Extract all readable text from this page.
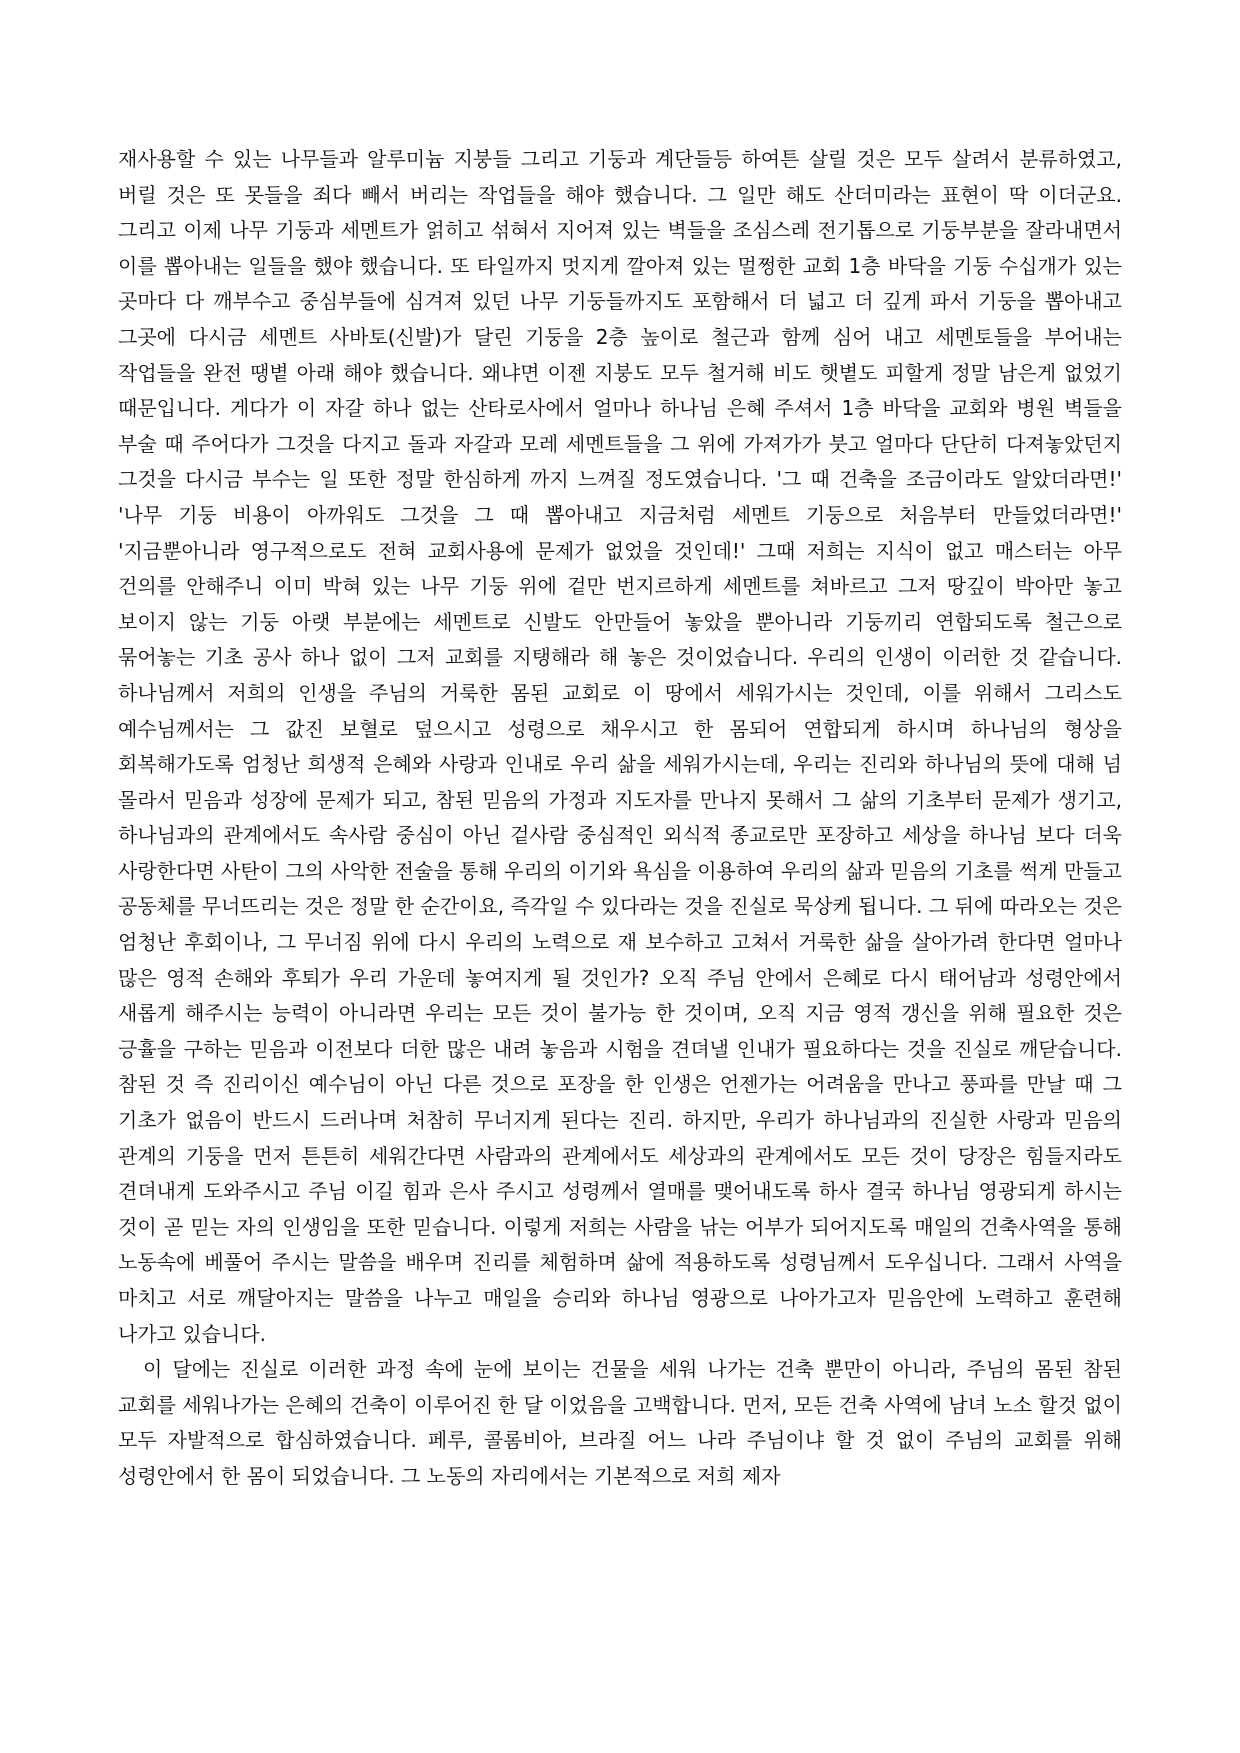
재사용할 수 있는 나무들과 알루미늄 지붕들 그리고 기둥과 계단들등 하여튼 살릴 것은 모두 살려서 분류하였고, 버릴 것은 또 못들을 죄다 빼서 버리는 작업들을 해야 했습니다. 그 일만 해도 산더미라는 표현이 딱 이더군요. 그리고 이제 나무 기둥과 세멘트가 얽히고 섞혀서 지어져 있는 벽들을 조심스레 전기톱으로 기둥부분을 잘라내면서 이를 뽑아내는 일들을 했야 했습니다. 또 타일까지 멋지게 깔아져 있는 멀쩡한 교회 1층 바닥을 기둥 수십개가 있는 곳마다 다 깨부수고 중심부들에 심겨져 있던 나무 기둥들까지도 포함해서 더 넓고 더 깊게 파서 기둥을 뽑아내고 그곳에 다시금 세멘트 사바토(신발)가 달린 기둥을 2층 높이로 철근과 함께 심어 내고 세멘토들을 부어내는 작업들을 완전 땡볕 아래 해야 했습니다. 왜냐면 이젠 지붕도 모두 철거해 비도 햇볕도 피할게 정말 남은게 없었기 때문입니다. 게다가 이 자갈 하나 없는 산타로사에서 얼마나 하나님 은혜 주셔서 1층 바닥을 교회와 병원 벽들을 부술 때 주어다가 그것을 다지고 돌과 자갈과 모레 세멘트들을 그 위에 가져가가 붓고 얼마다 단단히 다져놓았던지 그것을 다시금 부수는 일 또한 정말 한심하게 까지 느껴질 정도였습니다. '그 때 건축을 조금이라도 알았더라면!' '나무 기둥 비용이 아까워도 그것을 그 때 뽑아내고 지금처럼 세멘트 기둥으로 처음부터 만들었더라면!' '지금뿐아니라 영구적으로도 전혀 교회사용에 문제가 없었을 것인데!' 그때 저희는 지식이 없고 매스터는 아무 건의를 안해주니 이미 박혀 있는 나무 기둥 위에 겉만 번지르하게 세멘트를 쳐바르고 그저 땅깊이 박아만 놓고 보이지 않는 기둥 아랫 부분에는 세멘트로 신발도 안만들어 놓았을 뿐아니라 기둥끼리 연합되도록 철근으로 묶어놓는 기초 공사 하나 없이 그저 교회를 지탱해라 해 놓은 것이었습니다. 우리의 인생이 이러한 것 같습니다. 하나님께서 저희의 인생을 주님의 거룩한 몸된 교회로 이 땅에서 세워가시는 것인데, 이를 위해서 그리스도 예수님께서는 그 값진 보혈로 덮으시고 성령으로 채우시고 한 몸되어 연합되게 하시며 하나님의 형상을 회복해가도록 엄청난 희생적 은혜와 사랑과 인내로 우리 삶을 세워가시는데, 우리는 진리와 하나님의 뜻에 대해 넘 몰라서 믿음과 성장에 문제가 되고, 참된 믿음의 가정과 지도자를 만나지 못해서 그 삶의 기초부터 문제가 생기고, 하나님과의 관계에서도 속사람 중심이 아닌 겉사람 중심적인 외식적 종교로만 포장하고 세상을 하나님 보다 더욱 사랑한다면 사탄이 그의 사악한 전술을 통해 우리의 이기와 욕심을 이용하여 우리의 삶과 믿음의 기초를 썩게 만들고 공동체를 무너뜨리는 것은 정말 한 순간이요, 즉각일 수 있다라는 것을 진실로 묵상케 됩니다. 그 뒤에 따라오는 것은 엄청난 후회이나, 그 무너짐 위에 다시 우리의 노력으로 재 보수하고 고쳐서 거룩한 삶을 살아가려 한다면 얼마나 많은 영적 손해와 후퇴가 우리 가운데 놓여지게 될 것인가? 오직 주님 안에서 은혜로 다시 태어남과 성령안에서 새롭게 해주시는 능력이 아니라면 우리는 모든 것이 불가능 한 것이며, 오직 지금 영적 갱신을 위해 필요한 것은 긍휼을 구하는 믿음과 이전보다 더한 많은 내려 놓음과 시험을 견뎌낼 인내가 필요하다는 것을 진실로 깨닫습니다. 참된 것 즉 진리이신 예수님이 아닌 다른 것으로 포장을 한 인생은 언젠가는 어려움을 만나고 풍파를 만날 때 그 기초가 없음이 반드시 드러나며 처참히 무너지게 된다는 진리. 하지만, 우리가 하나님과의 진실한 사랑과 믿음의 관계의 기둥을 먼저 튼튼히 세워간다면 사람과의 관계에서도 세상과의 관계에서도 모든 것이 당장은 힘들지라도 견뎌내게 도와주시고 주님 이길 힘과 은사 주시고 성령께서 열매를 맺어내도록 하사 결국 하나님 영광되게 하시는 것이 곧 믿는 자의 인생임을 또한 믿습니다. 이렇게 저희는 사람을 낚는 어부가 되어지도록 매일의 건축사역을 통해 노동속에 베풀어 주시는 말씀을 배우며 진리를 체험하며 삶에 적용하도록 성령님께서 도우십니다. 그래서 사역을 마치고 서로 깨달아지는 말씀을 나누고 매일을 승리와 하나님 영광으로 나아가고자 믿음안에 노력하고 훈련해 나가고 있습니다.

이 달에는 진실로 이러한 과정 속에 눈에 보이는 건물을 세워 나가는 건축 뿐만이 아니라, 주님의 몸된 참된 교회를 세워나가는 은혜의 건축이 이루어진 한 달 이었음을 고백합니다. 먼저, 모든 건축 사역에 남녀 노소 할것 없이 모두 자발적으로 합심하였습니다. 페루, 콜롬비아, 브라질 어느 나라 주님이냐 할 것 없이 주님의 교회를 위해 성령안에서 한 몸이 되었습니다. 그 노동의 자리에서는 기본적으로 저희 제자
